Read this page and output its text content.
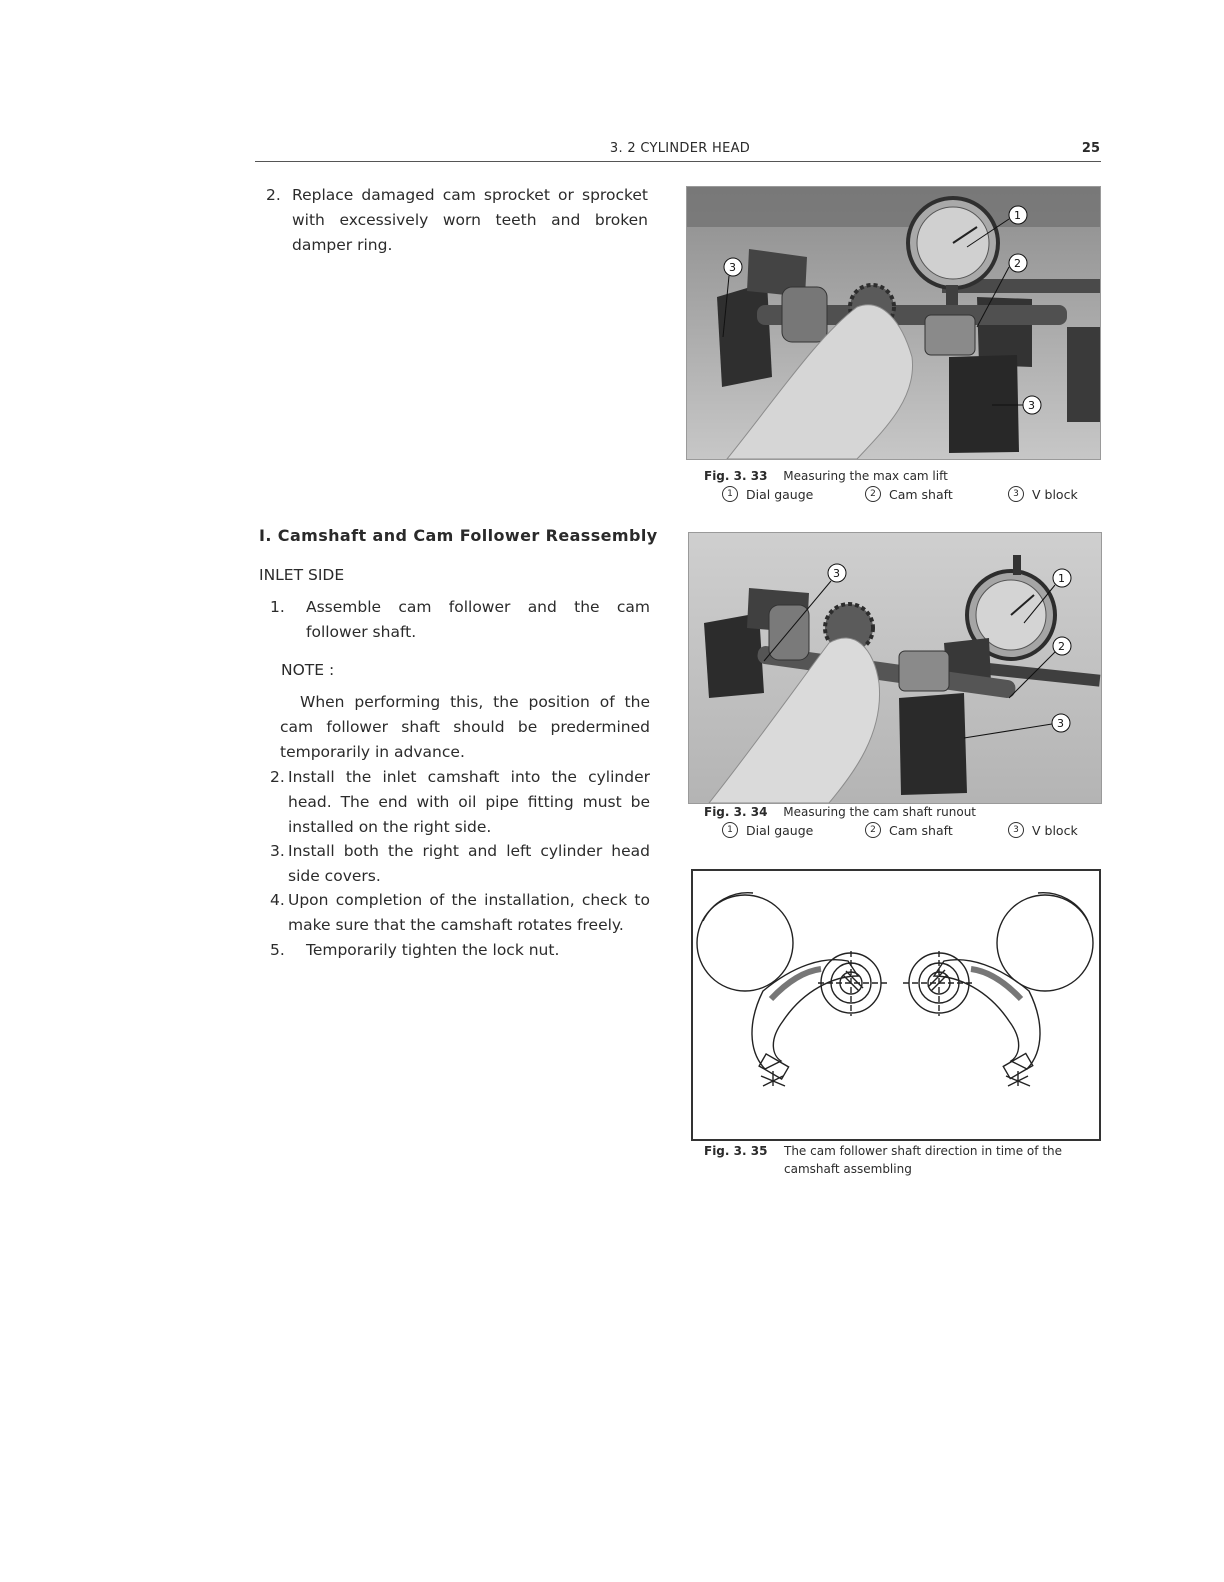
3. 2 CYLINDER HEAD	25
2. Replace damaged cam sprocket or sprocket with excessively worn teeth and broken damper ring.
I. Camshaft and Cam Follower Reassembly
INLET SIDE
1.	Assemble cam follower and the cam follower shaft.
NOTE :
When performing this, the position of the cam follower shaft should be predermined temporarily in advance.
2. Install the inlet camshaft into the cylinder head. The end with oil pipe fitting must be installed on the right side.
3. Install both the right and left cylinder head side covers.
4. Upon completion of the installation, check to make sure that the camshaft rotates freely.
5.	Temporarily tighten the lock nut.
1
2
3
3
Fig. 3. 33 Measuring the max cam lift
1	Dial gauge	2	Cam shaft	3	V block
3	1
2
3
Fig. 3. 34 Measuring the cam shaft runout
1	Dial gauge	2	Cam shaft	3	V block
Fig. 3. 35	The cam follower shaft direction in time of the camshaft assembling
